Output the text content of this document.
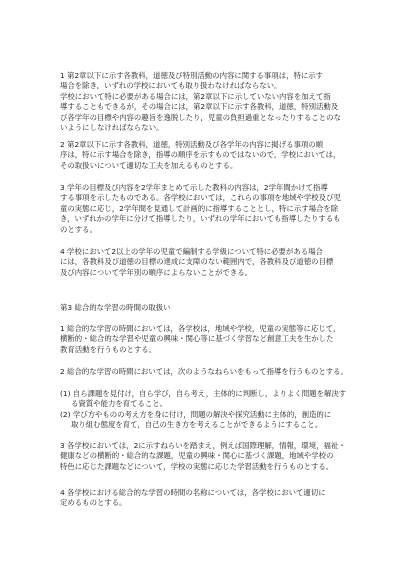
1 第2章以下に示す各教科，道徳及び特別活動の内容に関する事項は，特に示す
場合を除き，いずれの学校においても取り扱わなければならない。
学校において特に必要がある場合には，第2章以下に示していない内容を加えて指
導することもできるが，その場合には，第2章以下に示す各教科，道徳，特別活動及
び各学年の目標や内容の趣旨を逸脱したり，児童の負担過重となったりすることのな
いようにしなければならない。
2 第2章以下に示す各教科，道徳，特別活動及び各学年の内容に掲げる事項の順
序は，特に示す場合を除き，指導の順序を示すものではないので，学校においては，
その取扱いについて適切な工夫を加えるものとする。
3 学年の目標及び内容を2学年まとめて示した教科の内容は，2学年間かけて指導
する事項を示したものである。各学校においては，これらの事項を地域や学校及び児
童の実態に応じ，2学年間を見通して計画的に指導することとし，特に示す場合を除
き，いずれかの学年に分けて指導したり，いずれの学年においても指導したりするも
のとする。
4 学校において2以上の学年の児童で編制する学級について特に必要がある場合
には，各教科及び道徳の目標の達成に支障のない範囲内で，各教科及び道徳の目標
及び内容について学年別の順序によらないことができる。
第3 総合的な学習の時間の取扱い
1 総合的な学習の時間においては，各学校は，地域や学校，児童の実態等に応じて，
横断的・総合的な学習や児童の興味・関心等に基づく学習など創意工夫を生かした
教育活動を行うものとする。
2 総合的な学習の時間においては，次のようなねらいをもって指導を行うものとする。
(1) 自ら課題を見付け，自ら学び，自ら考え，主体的に判断し，よりよく問題を解決す
る資質や能力を育てること。
(2) 学び方やものの考え方を身に付け，問題の解決や探究活動に主体的，創造的に
取り組む態度を育て，自己の生き方を考えることができるようにすること。
3 各学校においては，2に示すねらいを踏まえ，例えば国際理解，情報，環境，福祉・
健康などの横断的・総合的な課題，児童の興味・関心に基づく課題，地域や学校の
特色に応じた課題などについて，学校の実態に応じた学習活動を行うものとする。
4 各学校における総合的な学習の時間の名称については，各学校において適切に
定めるものとする。
